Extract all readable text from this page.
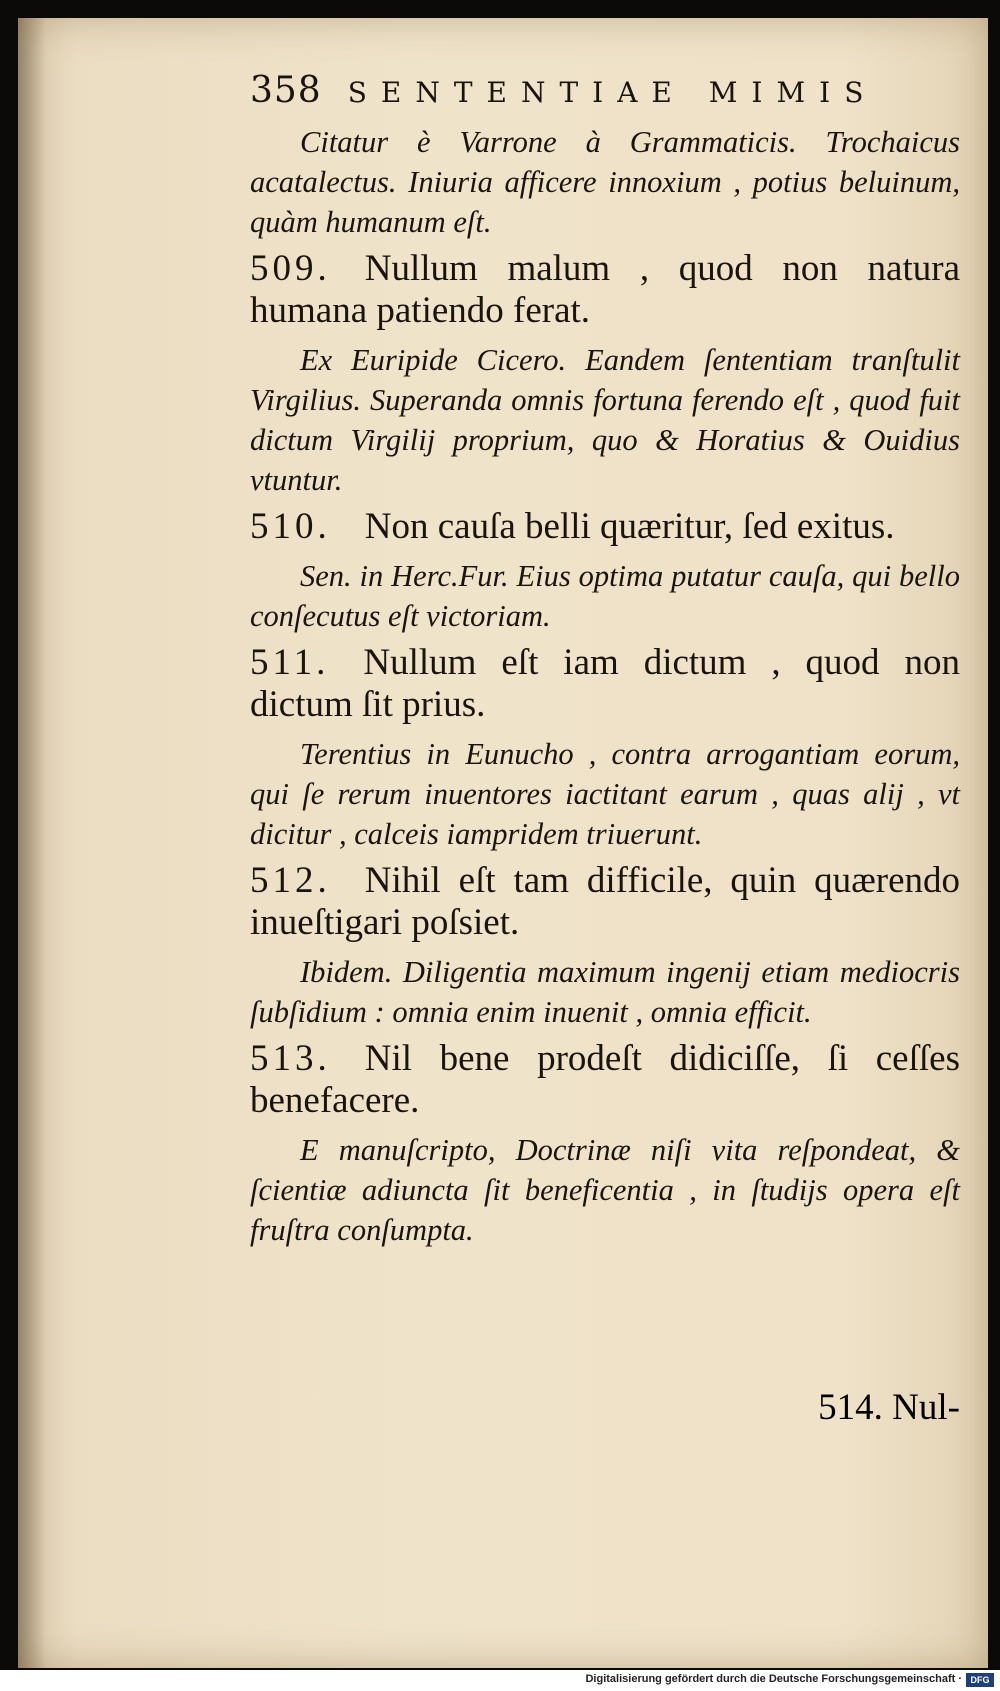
358 SENTENTIAE MIMIS

Citatur è Varrone à Grammaticis. Trochaicus acatalectus. Iniuria afficere innoxium , potius beluinum, quàm humanum eſt.

509. Nullum malum , quod non natura humana patiendo ferat.

Ex Euripide Cicero. Eandem ſententiam tranſtulit Virgilius. Superanda omnis fortuna ferendo eſt , quod fuit dictum Virgilij proprium, quo & Horatius & Ouidius vtuntur.

510. Non cauſa belli quæritur, ſed exitus.

Sen. in Herc.Fur. Eius optima putatur cauſa, qui bello conſecutus eſt victoriam.

511. Nullum eſt iam dictum , quod non dictum ſit prius.

Terentius in Eunucho , contra arrogantiam eorum, qui ſe rerum inuentores iactitant earum , quas alij , vt dicitur , calceis iampridem triuerunt.

512. Nihil eſt tam difficile, quin quærendo inueſtigari poſsiet.

Ibidem. Diligentia maximum ingenij etiam mediocris ſubſidium : omnia enim inuenit , omnia efficit.

513. Nil bene prodeſt didiciſſe, ſi ceſſes benefacere.

E manuſcripto, Doctrinæ niſi vita reſpondeat, & ſcientiæ adiuncta ſit beneficentia , in ſtudijs opera eſt fruſtra conſumpta.

514. Nul-
Digitalisierung gefördert durch die Deutsche Forschungsgemeinschaft · DFG
